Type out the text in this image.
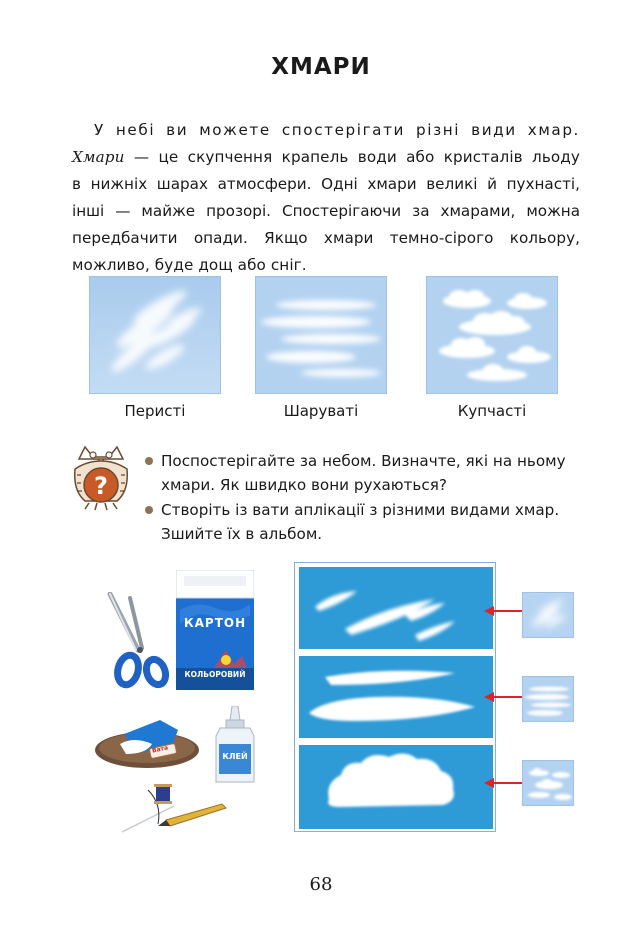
ХМАРИ
У небі ви можете спостерігати різні види хмар.
Хмари — це скупчення крапель води або кристалів льоду
в нижніх шарах атмосфери. Одні хмари великі й пухнасті,
інші — майже прозорі. Спостерігаючи за хмарами, можна
передбачити опади. Якщо хмари темно-сірого кольору,
можливо, буде дощ або сніг.
Перисті	Шаруваті	Купчасті
?
Поспостерігайте за небом. Визначте, які на ньому хмари. Як швидко вони рухаються?
Створіть із вати аплікації з різними видами хмар. Зшийте їх в альбом.
КАРТОН
КОЛЬОРОВИЙ
Вата
КЛЕЙ
68
